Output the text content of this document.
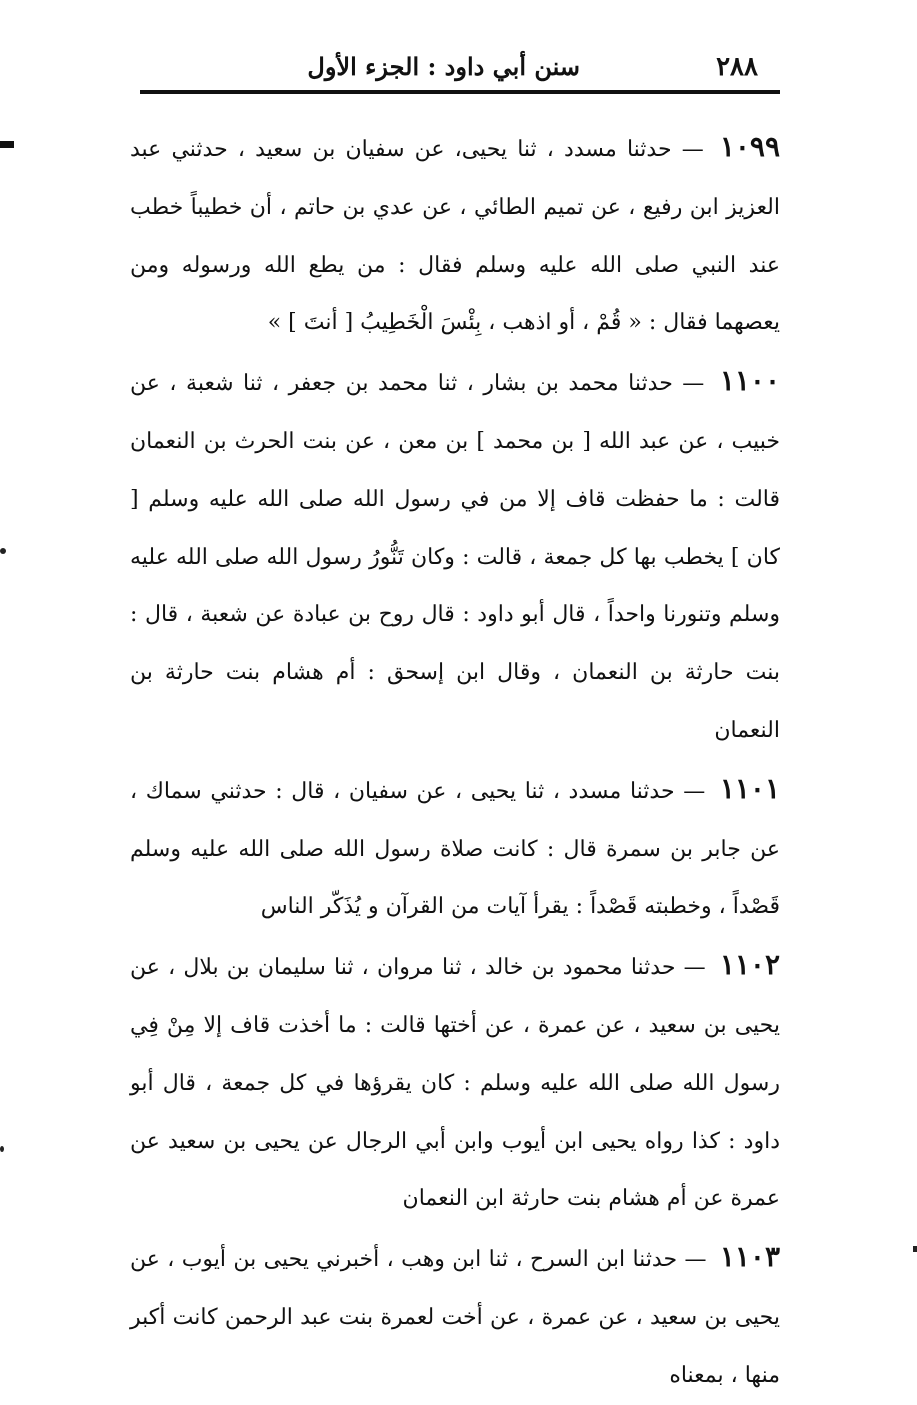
٢٨٨
سنن أبي داود : الجزء الأول

١٠٩٩ — حدثنا مسدد ، ثنا يحيى، عن سفيان بن سعيد ، حدثني عبد العزيز ابن رفيع ، عن تميم الطائي ، عن عدي بن حاتم ، أن خطيباً خطب عند النبي صلى الله عليه وسلم فقال : من يطع الله ورسوله ومن يعصهما فقال : « قُمْ ، أو اذهب ، بِئْسَ الْخَطِيبُ [ أنتَ ] »

١١٠٠ — حدثنا محمد بن بشار ، ثنا محمد بن جعفر ، ثنا شعبة ، عن خبيب ، عن عبد الله [ بن محمد ] بن معن ، عن بنت الحرث بن النعمان قالت : ما حفظت قاف إلا من في رسول الله صلى الله عليه وسلم [ كان ] يخطب بها كل جمعة ، قالت : وكان تَنُّورُ رسول الله صلى الله عليه وسلم وتنورنا واحداً ، قال أبو داود : قال روح بن عبادة عن شعبة ، قال : بنت حارثة بن النعمان ، وقال ابن إسحق : أم هشام بنت حارثة بن النعمان

١١٠١ — حدثنا مسدد ، ثنا يحيى ، عن سفيان ، قال : حدثني سماك ، عن جابر بن سمرة قال : كانت صلاة رسول الله صلى الله عليه وسلم قَصْداً ، وخطبته قَصْداً : يقرأ آيات من القرآن و يُذَكّر الناس

١١٠٢ — حدثنا محمود بن خالد ، ثنا مروان ، ثنا سليمان بن بلال ، عن يحيى بن سعيد ، عن عمرة ، عن أختها قالت : ما أخذت قاف إلا مِنْ فِي رسول الله صلى الله عليه وسلم : كان يقرؤها في كل جمعة ، قال أبو داود : كذا رواه يحيى ابن أيوب وابن أبي الرجال عن يحيى بن سعيد عن عمرة عن أم هشام بنت حارثة ابن النعمان

١١٠٣ — حدثنا ابن السرح ، ثنا ابن وهب ، أخبرني يحيى بن أيوب ، عن يحيى بن سعيد ، عن عمرة ، عن أخت لعمرة بنت عبد الرحمن كانت أكبر منها ، بمعناه
